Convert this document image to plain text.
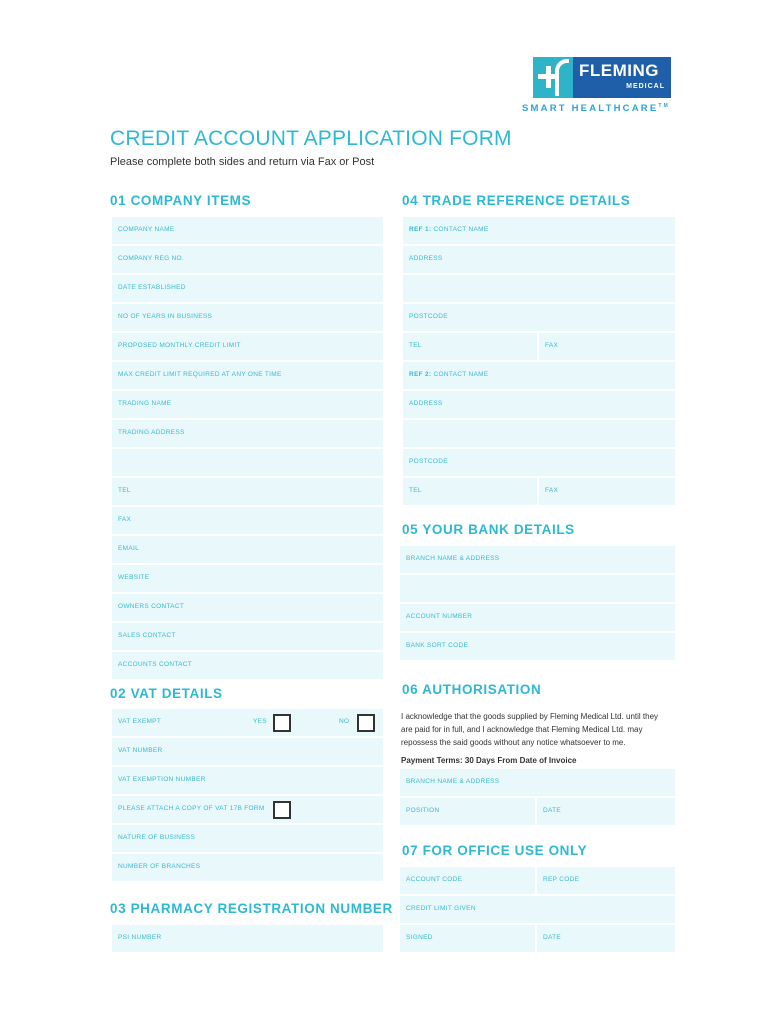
FLEMING
MEDICAL
SMART HEALTHCARE™
CREDIT ACCOUNT APPLICATION FORM
Please complete both sides and return via Fax or Post
01 COMPANY ITEMS
COMPANY NAME
COMPANY REG NO.
DATE ESTABLISHED
NO OF YEARS IN BUSINESS
PROPOSED MONTHLY CREDIT LIMIT
MAX CREDIT LIMIT REQUIRED AT ANY ONE TIME
TRADING NAME
TRADING ADDRESS
TEL
FAX
EMAIL
WEBSITE
OWNERS CONTACT
SALES CONTACT
ACCOUNTS CONTACT
02 VAT DETAILS
VAT EXEMPT	YES	NO
VAT NUMBER
VAT EXEMPTION NUMBER
PLEASE ATTACH A COPY OF VAT 17B FORM
NATURE OF BUSINESS
NUMBER OF BRANCHES
03 PHARMACY REGISTRATION NUMBER
PSI NUMBER
04 TRADE REFERENCE DETAILS
REF 1: CONTACT NAME
ADDRESS
POSTCODE
TEL	FAX
REF 2: CONTACT NAME
ADDRESS
POSTCODE
TEL	FAX
05 YOUR BANK DETAILS
BRANCH NAME & ADDRESS
ACCOUNT NUMBER
BANK SORT CODE
06 AUTHORISATION
I acknowledge that the goods supplied by Fleming Medical Ltd. until they are paid for in full, and I acknowledge that Fleming Medical Ltd. may repossess the said goods without any notice whatsoever to me.
Payment Terms: 30 Days From Date of Invoice
BRANCH NAME & ADDRESS
POSITION	DATE
07 FOR OFFICE USE ONLY
ACCOUNT CODE	REP CODE
CREDIT LIMIT GIVEN
SIGNED	DATE
